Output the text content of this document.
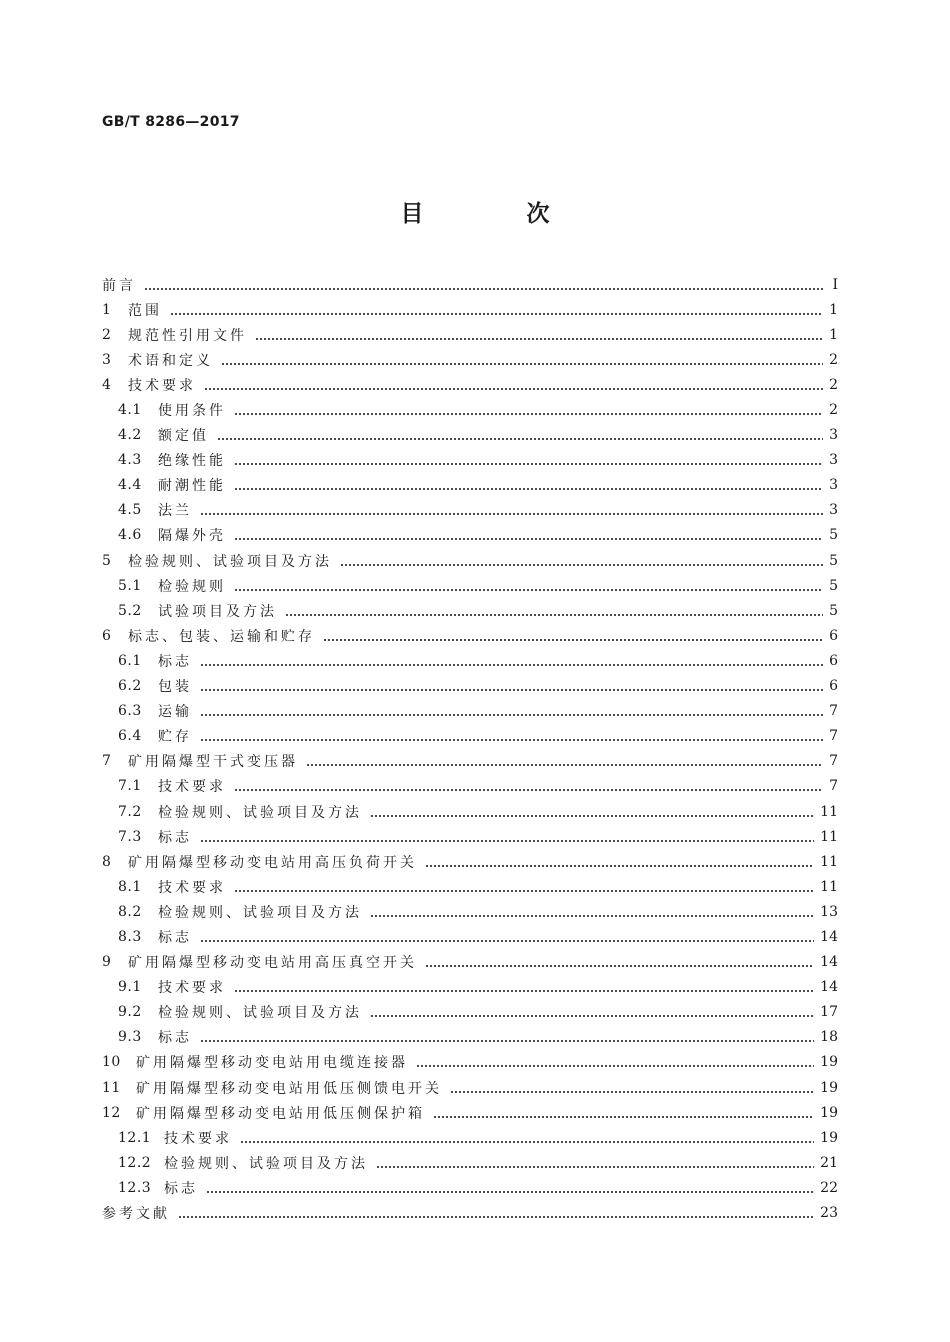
GB/T 8286—2017
目　次
前言	Ⅰ
1	范围	1
2	规范性引用文件	1
3	术语和定义	2
4	技术要求	2
4.1	使用条件	2
4.2	额定值	3
4.3	绝缘性能	3
4.4	耐潮性能	3
4.5	法兰	3
4.6	隔爆外壳	5
5	检验规则、试验项目及方法	5
5.1	检验规则	5
5.2	试验项目及方法	5
6	标志、包装、运输和贮存	6
6.1	标志	6
6.2	包装	6
6.3	运输	7
6.4	贮存	7
7	矿用隔爆型干式变压器	7
7.1	技术要求	7
7.2	检验规则、试验项目及方法	11
7.3	标志	11
8	矿用隔爆型移动变电站用高压负荷开关	11
8.1	技术要求	11
8.2	检验规则、试验项目及方法	13
8.3	标志	14
9	矿用隔爆型移动变电站用高压真空开关	14
9.1	技术要求	14
9.2	检验规则、试验项目及方法	17
9.3	标志	18
10	矿用隔爆型移动变电站用电缆连接器	19
11	矿用隔爆型移动变电站用低压侧馈电开关	19
12	矿用隔爆型移动变电站用低压侧保护箱	19
12.1 技术要求	19
12.2 检验规则、试验项目及方法	21
12.3 标志	22
参考文献	23
